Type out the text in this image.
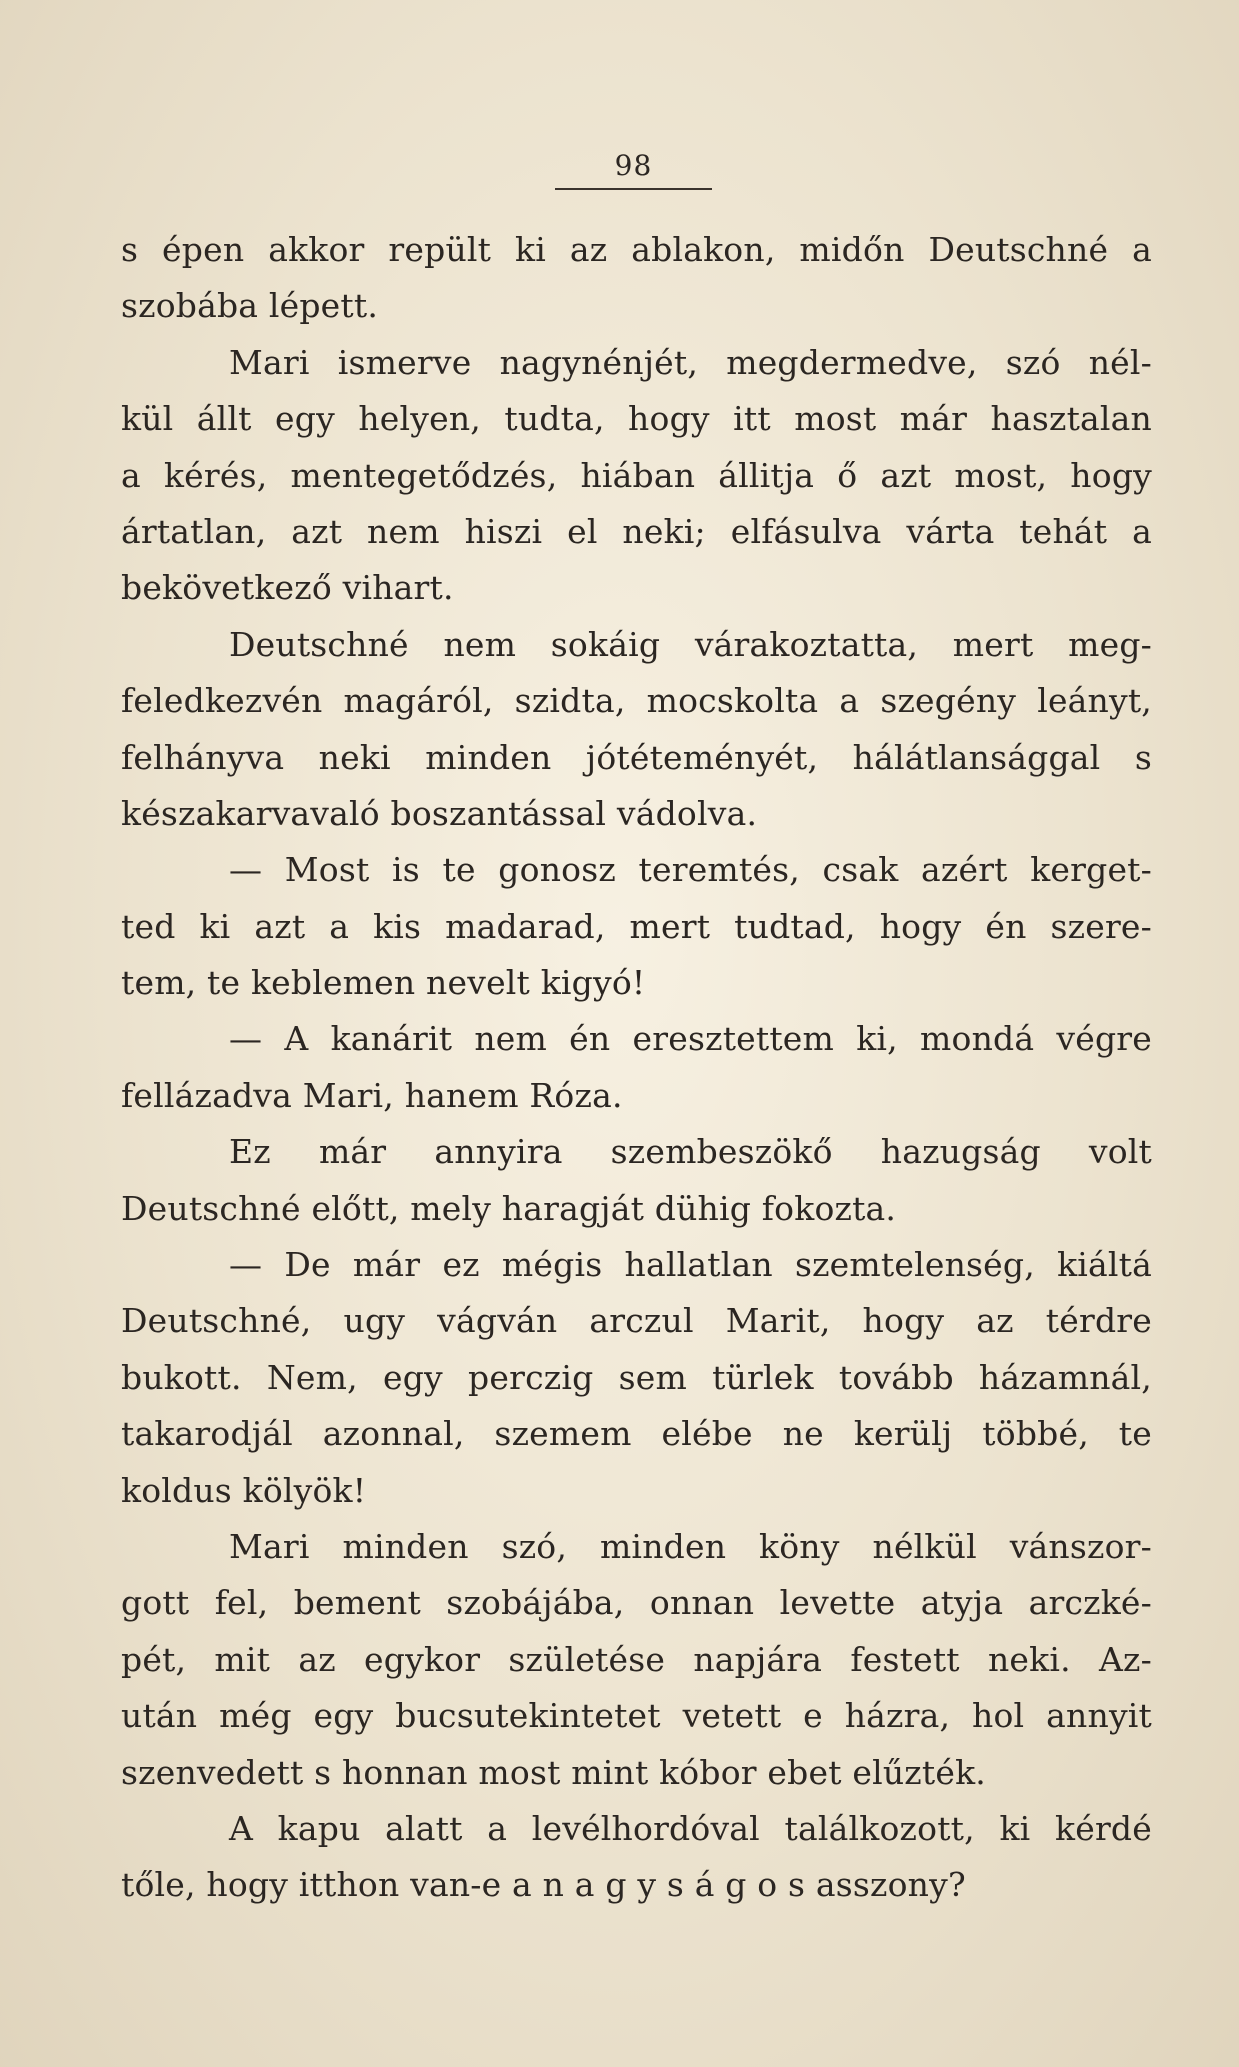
98
s épen akkor repült ki az ablakon, midőn Deutschné a
szobába lépett.
Mari ismerve nagynénjét, megdermedve, szó nél-
kül állt egy helyen, tudta, hogy itt most már hasztalan
a kérés, mentegetődzés, hiában állitja ő azt most, hogy
ártatlan, azt nem hiszi el neki; elfásulva várta tehát a
bekövetkező vihart.
Deutschné nem sokáig várakoztatta, mert meg-
feledkezvén magáról, szidta, mocskolta a szegény leányt,
felhányva neki minden jótéteményét, hálátlansággal s
készakarvavaló boszantással vádolva.
— Most is te gonosz teremtés, csak azért kerget-
ted ki azt a kis madarad, mert tudtad, hogy én szere-
tem, te keblemen nevelt kigyó!
— A kanárit nem én eresztettem ki, mondá végre
fellázadva Mari, hanem Róza.
Ez már annyira szembeszökő hazugság volt
Deutschné előtt, mely haragját dühig fokozta.
— De már ez mégis hallatlan szemtelenség, kiáltá
Deutschné, ugy vágván arczul Marit, hogy az térdre
bukott. Nem, egy perczig sem türlek tovább házamnál,
takarodjál azonnal, szemem elébe ne kerülj többé, te
koldus kölyök!
Mari minden szó, minden köny nélkül vánszor-
gott fel, bement szobájába, onnan levette atyja arczké-
pét, mit az egykor születése napjára festett neki. Az-
után még egy bucsutekintetet vetett e házra, hol annyit
szenvedett s honnan most mint kóbor ebet elűzték.
A kapu alatt a levélhordóval találkozott, ki kérdé
tőle, hogy itthon van-e a n a g y s á g o s asszony?
